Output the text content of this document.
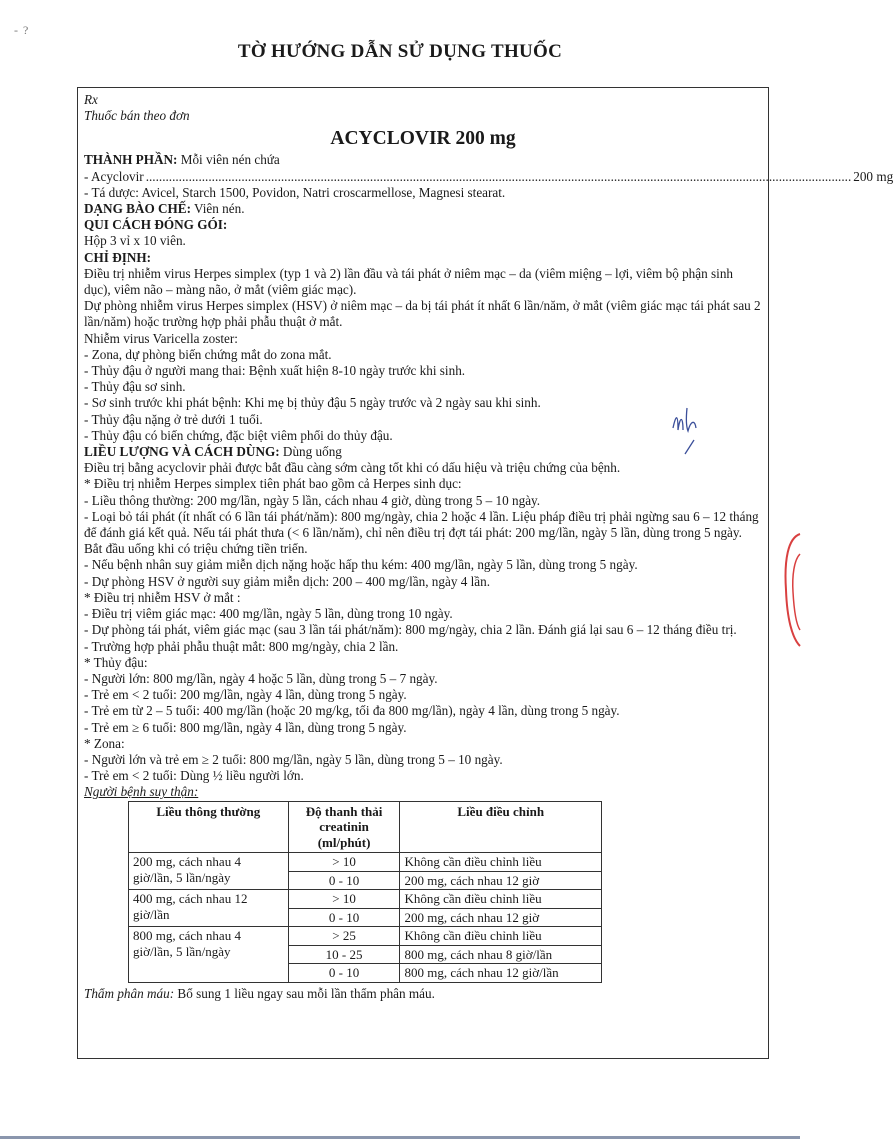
- ?
TỜ HƯỚNG DẪN SỬ DỤNG THUỐC
Rx
Thuốc bán theo đơn
ACYCLOVIR 200 mg

THÀNH PHẦN: Mỗi viên nén chứa

- Acyclovir ...................................................................................................................................................................................................................... 200 mg

- Tá dược: Avicel, Starch 1500, Povidon, Natri croscarmellose, Magnesi stearat.

DẠNG BÀO CHẾ: Viên nén.

QUI CÁCH ĐÓNG GÓI:

Hộp 3 vỉ x 10 viên.

CHỈ ĐỊNH:

Điều trị nhiễm virus Herpes simplex (typ 1 và 2) lần đầu và tái phát ở niêm mạc – da (viêm miệng – lợi, viêm bộ phận sinh dục), viêm não – màng não, ở mắt (viêm giác mạc).

Dự phòng nhiễm virus Herpes simplex (HSV) ở niêm mạc – da bị tái phát ít nhất 6 lần/năm, ở mắt (viêm giác mạc tái phát sau 2 lần/năm) hoặc trường hợp phải phẫu thuật ở mắt.

Nhiễm virus Varicella zoster:

- Zona, dự phòng biến chứng mắt do zona mắt.

- Thủy đậu ở người mang thai: Bệnh xuất hiện 8-10 ngày trước khi sinh.

- Thủy đậu sơ sinh.

- Sơ sinh trước khi phát bệnh: Khi mẹ bị thủy đậu 5 ngày trước và 2 ngày sau khi sinh.

- Thủy đậu nặng ở trẻ dưới 1 tuổi.

- Thủy đậu có biến chứng, đặc biệt viêm phổi do thủy đậu.

LIỀU LƯỢNG VÀ CÁCH DÙNG: Dùng uống

Điều trị bằng acyclovir phải được bắt đầu càng sớm càng tốt khi có dấu hiệu và triệu chứng của bệnh.

* Điều trị nhiễm Herpes simplex tiên phát bao gồm cả Herpes sinh dục:

- Liều thông thường: 200 mg/lần, ngày 5 lần, cách nhau 4 giờ, dùng trong 5 – 10 ngày.

- Loại bỏ tái phát (ít nhất có 6 lần tái phát/năm): 800 mg/ngày, chia 2 hoặc 4 lần. Liệu pháp điều trị phải ngừng sau 6 – 12 tháng để đánh giá kết quả. Nếu tái phát thưa (< 6 lần/năm), chỉ nên điều trị đợt tái phát: 200 mg/lần, ngày 5 lần, dùng trong 5 ngày. Bắt đầu uống khi có triệu chứng tiền triển.

- Nếu bệnh nhân suy giảm miễn dịch nặng hoặc hấp thu kém: 400 mg/lần, ngày 5 lần, dùng trong 5 ngày.

- Dự phòng HSV ở người suy giảm miễn dịch: 200 – 400 mg/lần, ngày 4 lần.

* Điều trị nhiễm HSV ở mắt :

- Điều trị viêm giác mạc: 400 mg/lần, ngày 5 lần, dùng trong 10 ngày.

- Dự phòng tái phát, viêm giác mạc (sau 3 lần tái phát/năm): 800 mg/ngày, chia 2 lần. Đánh giá lại sau 6 – 12 tháng điều trị.

- Trường hợp phải phẫu thuật mắt: 800 mg/ngày, chia 2 lần.

* Thủy đậu:

- Người lớn: 800 mg/lần, ngày 4 hoặc 5 lần, dùng trong 5 – 7 ngày.

- Trẻ em < 2 tuổi: 200 mg/lần, ngày 4 lần, dùng trong 5 ngày.

- Trẻ em từ 2 – 5 tuổi: 400 mg/lần (hoặc 20 mg/kg, tối đa 800 mg/lần), ngày 4 lần, dùng trong 5 ngày.

- Trẻ em ≥ 6 tuổi: 800 mg/lần, ngày 4 lần, dùng trong 5 ngày.

* Zona:

- Người lớn và trẻ em ≥ 2 tuổi: 800 mg/lần, ngày 5 lần, dùng trong 5 – 10 ngày.

- Trẻ em < 2 tuổi: Dùng ½ liều người lớn.

Người bệnh suy thận:

Liều thông thường	Độ thanh thải creatinin (ml/phút)	Liều điều chỉnh
200 mg, cách nhau 4 giờ/lần, 5 lần/ngày	> 10	Không cần điều chỉnh liều
	0 - 10	200 mg, cách nhau 12 giờ
400 mg, cách nhau 12 giờ/lần	> 10	Không cần điều chỉnh liều
	0 - 10	200 mg, cách nhau 12 giờ
800 mg, cách nhau 4 giờ/lần, 5 lần/ngày	> 25	Không cần điều chỉnh liều
	10 - 25	800 mg, cách nhau 8 giờ/lần
	0 - 10	800 mg, cách nhau 12 giờ/lần

Thẩm phân máu: Bổ sung 1 liều ngay sau mỗi lần thẩm phân máu.
